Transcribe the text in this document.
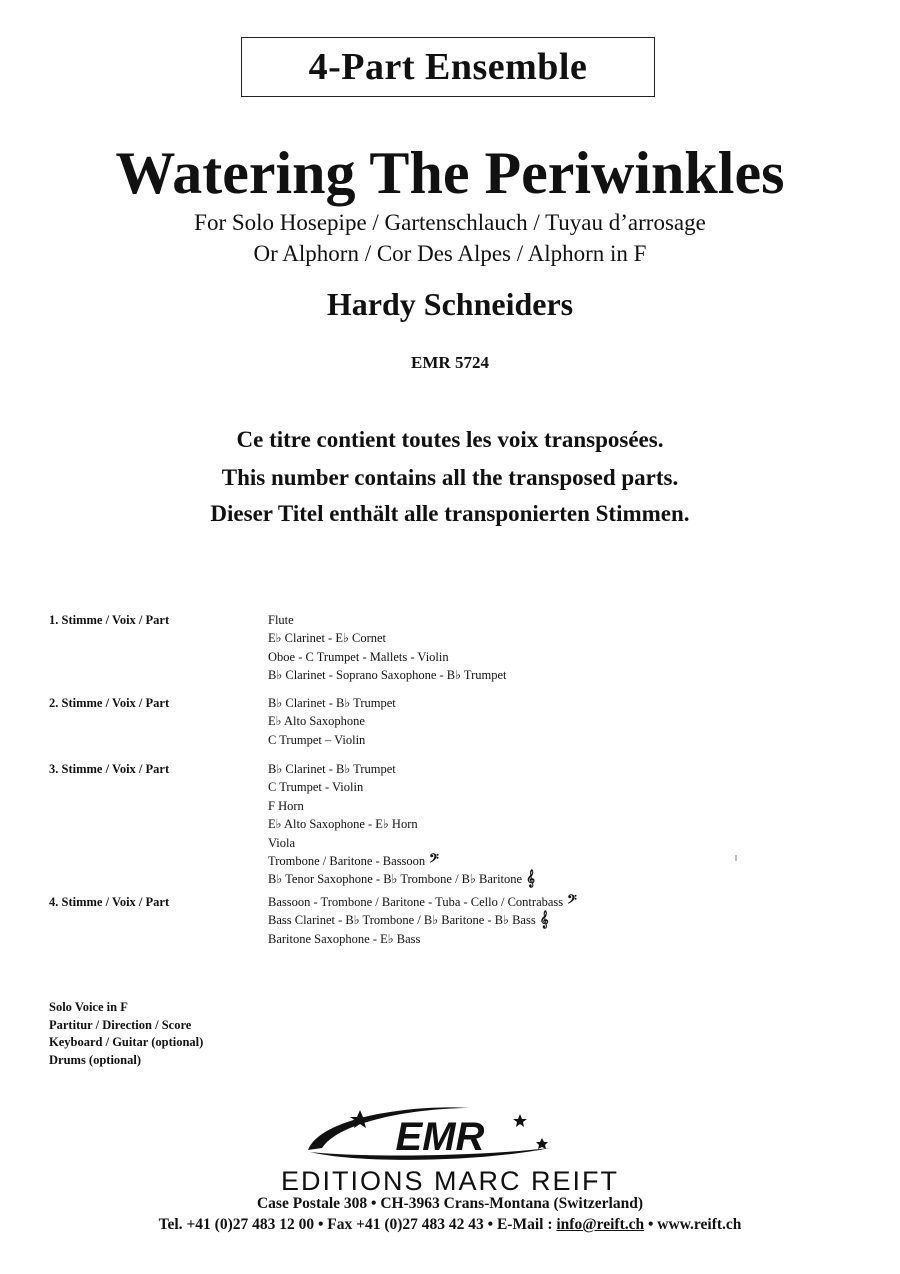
4-Part Ensemble
Watering The Periwinkles
For Solo Hosepipe / Gartenschlauch / Tuyau d’arrosage
Or Alphorn / Cor Des Alpes / Alphorn in F
Hardy Schneiders
EMR 5724
Ce titre contient toutes les voix transposées.
This number contains all the transposed parts.
Dieser Titel enthält alle transponierten Stimmen.
1. Stimme / Voix / Part	Flute
E♭ Clarinet - E♭ Cornet
Oboe - C Trumpet - Mallets - Violin
B♭ Clarinet - Soprano Saxophone - B♭ Trumpet
2. Stimme / Voix / Part	B♭ Clarinet - B♭ Trumpet
E♭ Alto Saxophone
C Trumpet – Violin
3. Stimme / Voix / Part	B♭ Clarinet - B♭ Trumpet
C Trumpet - Violin
F Horn
E♭ Alto Saxophone - E♭ Horn
Viola
Trombone / Baritone - Bassoon 𝄢
B♭ Tenor Saxophone - B♭ Trombone / B♭ Baritone 𝄞
4. Stimme / Voix / Part	Bassoon - Trombone / Baritone - Tuba - Cello / Contrabass 𝄢
Bass Clarinet - B♭ Trombone / B♭ Baritone - B♭ Bass 𝄞
Baritone Saxophone - E♭ Bass
Solo Voice in F
Partitur / Direction / Score
Keyboard / Guitar (optional)
Drums (optional)
EMR
EDITIONS MARC REIFT
Case Postale 308 • CH-3963 Crans-Montana (Switzerland)
Tel. +41 (0)27 483 12 00 • Fax +41 (0)27 483 42 43 • E-Mail : info@reift.ch • www.reift.ch
